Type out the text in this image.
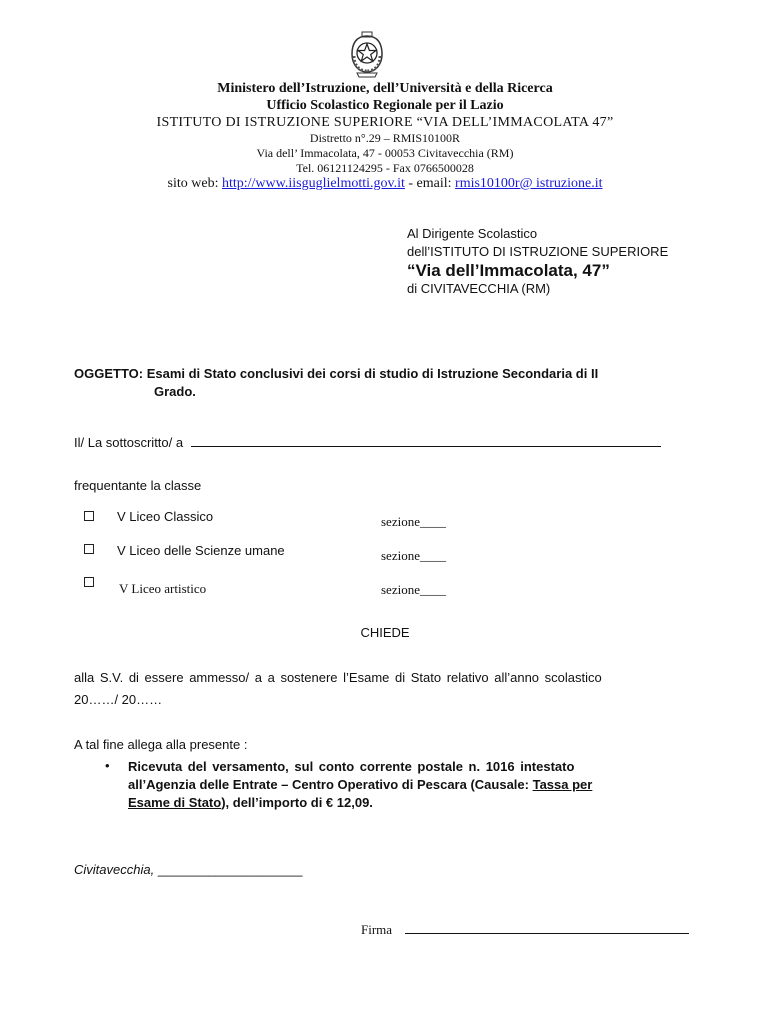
Ministero dell’Istruzione, dell’Università e della Ricerca
Ufficio Scolastico Regionale per il Lazio
ISTITUTO DI ISTRUZIONE SUPERIORE “VIA DELL’IMMACOLATA 47”
Distretto n°.29 – RMIS10100R
Via dell’ Immacolata, 47 - 00053 Civitavecchia (RM)
Tel. 06121124295 - Fax 0766500028
sito web: http://www.iisguglielmotti.gov.it - email: rmis10100r@ istruzione.it
Al Dirigente Scolastico
dell’ISTITUTO DI ISTRUZIONE SUPERIORE
“Via dell’Immacolata, 47”
di CIVITAVECCHIA (RM)
OGGETTO: Esami di Stato conclusivi dei corsi di studio di Istruzione Secondaria di II
Grado.
Il/ La sottoscritto/ a
frequentante la classe
V Liceo Classico	sezione____
V Liceo delle Scienze umane	sezione____
V Liceo artistico	sezione____
CHIEDE
alla S.V. di essere ammesso/ a a sostenere l’Esame di Stato relativo all’anno scolastico
20……/ 20……
A tal fine allega alla presente :
• Ricevuta del versamento, sul conto corrente postale n. 1016 intestato
all’Agenzia delle Entrate – Centro Operativo di Pescara (Causale: Tassa per
Esame di Stato), dell’importo di € 12,09.
Civitavecchia, ____________________
Firma
